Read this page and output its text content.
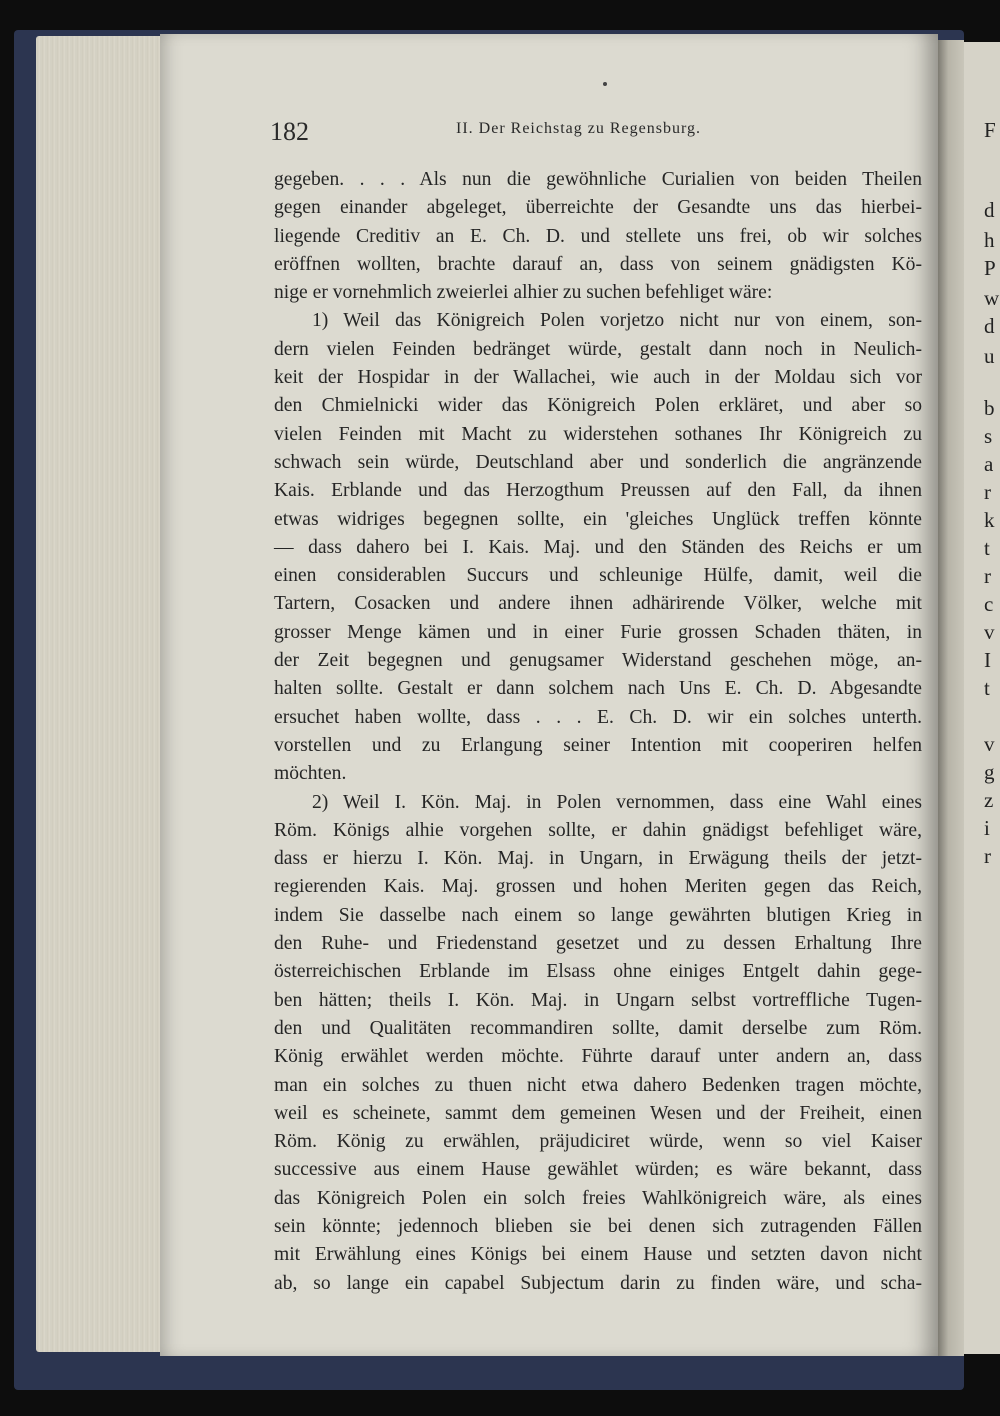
F
d
h
P
w
d
u
b
s
a
r
k
t
r
c
v
I
t
v
g
z
i
r
182	II. Der Reichstag zu Regensburg.
gegeben. . . . Als nun die gewöhnliche Curialien von beiden Theilen
gegen einander abgeleget, überreichte der Gesandte uns das hierbei-
liegende Creditiv an E. Ch. D. und stellete uns frei, ob wir solches
eröffnen wollten, brachte darauf an, dass von seinem gnädigsten Kö-
nige er vornehmlich zweierlei alhier zu suchen befehliget wäre:
1) Weil das Königreich Polen vorjetzo nicht nur von einem, son-
dern vielen Feinden bedränget würde, gestalt dann noch in Neulich-
keit der Hospidar in der Wallachei, wie auch in der Moldau sich vor
den Chmielnicki wider das Königreich Polen erkläret, und aber so
vielen Feinden mit Macht zu widerstehen sothanes Ihr Königreich zu
schwach sein würde, Deutschland aber und sonderlich die angränzende
Kais. Erblande und das Herzogthum Preussen auf den Fall, da ihnen
etwas widriges begegnen sollte, ein 'gleiches Unglück treffen könnte
— dass dahero bei I. Kais. Maj. und den Ständen des Reichs er um
einen considerablen Succurs und schleunige Hülfe, damit, weil die
Tartern, Cosacken und andere ihnen adhärirende Völker, welche mit
grosser Menge kämen und in einer Furie grossen Schaden thäten, in
der Zeit begegnen und genugsamer Widerstand geschehen möge, an-
halten sollte. Gestalt er dann solchem nach Uns E. Ch. D. Abgesandte
ersuchet haben wollte, dass . . . E. Ch. D. wir ein solches unterth.
vorstellen und zu Erlangung seiner Intention mit cooperiren helfen
möchten.
2) Weil I. Kön. Maj. in Polen vernommen, dass eine Wahl eines
Röm. Königs alhie vorgehen sollte, er dahin gnädigst befehliget wäre,
dass er hierzu I. Kön. Maj. in Ungarn, in Erwägung theils der jetzt-
regierenden Kais. Maj. grossen und hohen Meriten gegen das Reich,
indem Sie dasselbe nach einem so lange gewährten blutigen Krieg in
den Ruhe- und Friedenstand gesetzet und zu dessen Erhaltung Ihre
österreichischen Erblande im Elsass ohne einiges Entgelt dahin gege-
ben hätten; theils I. Kön. Maj. in Ungarn selbst vortreffliche Tugen-
den und Qualitäten recommandiren sollte, damit derselbe zum Röm.
König erwählet werden möchte. Führte darauf unter andern an, dass
man ein solches zu thuen nicht etwa dahero Bedenken tragen möchte,
weil es scheinete, sammt dem gemeinen Wesen und der Freiheit, einen
Röm. König zu erwählen, präjudiciret würde, wenn so viel Kaiser
successive aus einem Hause gewählet würden; es wäre bekannt, dass
das Königreich Polen ein solch freies Wahlkönigreich wäre, als eines
sein könnte; jedennoch blieben sie bei denen sich zutragenden Fällen
mit Erwählung eines Königs bei einem Hause und setzten davon nicht
ab, so lange ein capabel Subjectum darin zu finden wäre, und scha-
